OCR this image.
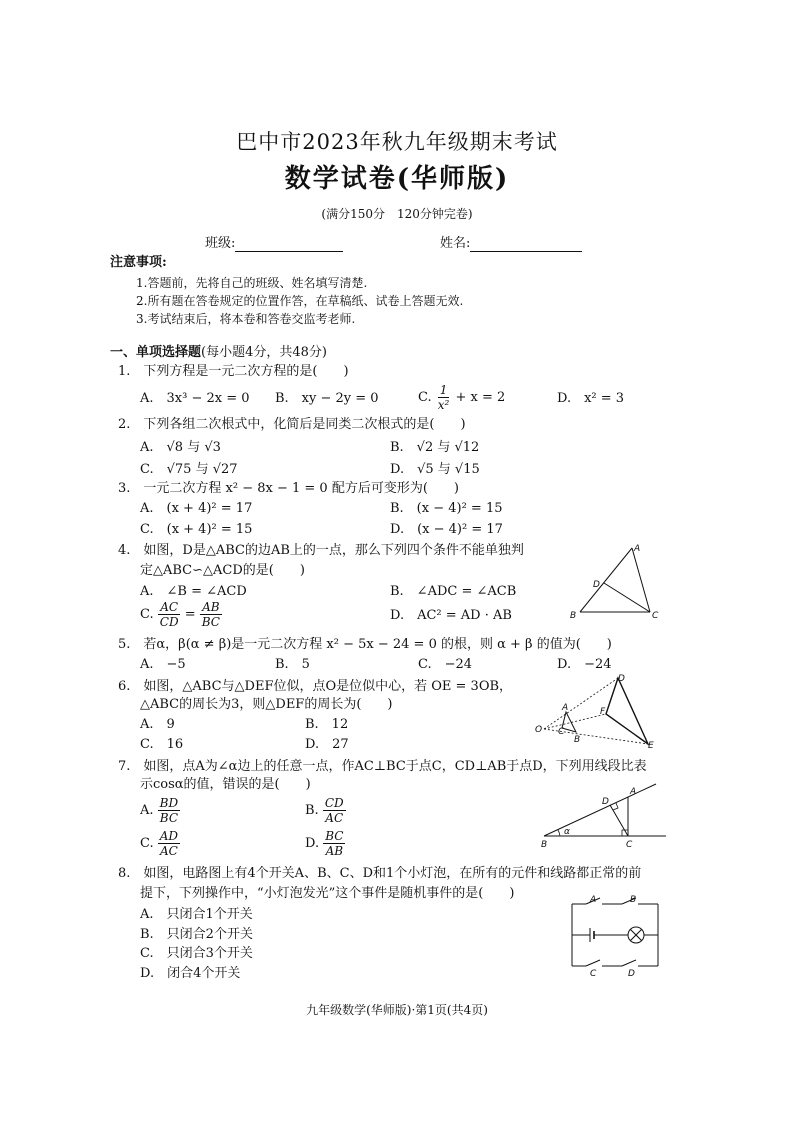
巴中市2023年秋九年级期末考试
数学试卷(华师版)
(满分150分　120分钟完卷)
班级:	姓名:
注意事项:
1.答题前，先将自己的班级、姓名填写清楚.
2.所有题在答卷规定的位置作答，在草稿纸、试卷上答题无效.
3.考试结束后，将本卷和答卷交监考老师.
一、单项选择题(每小题4分，共48分)
1.　下列方程是一元二次方程的是(　　)
A.　3x³ − 2x = 0 B.　xy − 2y = 0	C. $\frac{1}{\text{x²}} + x = 2$	D.　x² = 3
2.　下列各组二次根式中，化简后是同类二次根式的是(　　)
A.　√8 与 √3	B.　√2 与 √12
C.　√75 与 √27	D.　√5 与 √15
3.　一元二次方程 x² − 8x − 1 = 0 配方后可变形为(　　)
A.　(x + 4)² = 17	B.　(x − 4)² = 15
C.　(x + 4)² = 15	D.　(x − 4)² = 17
4.　如图，D是△ABC的边AB上的一点，那么下列四个条件不能单独判
定△ABC∽△ACD的是(　　)
A.　∠B = ∠ACD	B.　∠ADC = ∠ACB
C. $\frac{AC}{CD} = \frac{AB}{BC}$	D.　AC² = AD · AB
A
B	C
D
5.　若α，β(α ≠ β)是一元二次方程 x² − 5x − 24 = 0 的根，则 α + β 的值为(　　)
A.　−5	B.　5	C.　−24	D.　−24
6.　如图，△ABC与△DEF位似，点O是位似中心，若 OE = 3OB，
△ABC的周长为3，则△DEF的周长为(　　)
A.　9	B.　12
C.　16	D.　27
O
A
B
C
D
E
F
7.　如图，点A为∠α边上的任意一点，作AC⊥BC于点C，CD⊥AB于点D，下列用线段比表
示cosα的值，错误的是(　　)
A. $\frac{BD}{BC}$	B. $\frac{CD}{AC}$
C. $\frac{AD}{AC}$	D. $\frac{BC}{AB}$	α
B	C
A
D
8.　如图，电路图上有4个开关A、B、C、D和1个小灯泡，在所有的元件和线路都正常的前
提下，下列操作中，“小灯泡发光”这个事件是随机事件的是(　　)
A.　只闭合1个开关
B.　只闭合2个开关
C.　只闭合3个开关
D.　闭合4个开关
A	B
C	D
九年级数学(华师版)·第1页(共4页)
